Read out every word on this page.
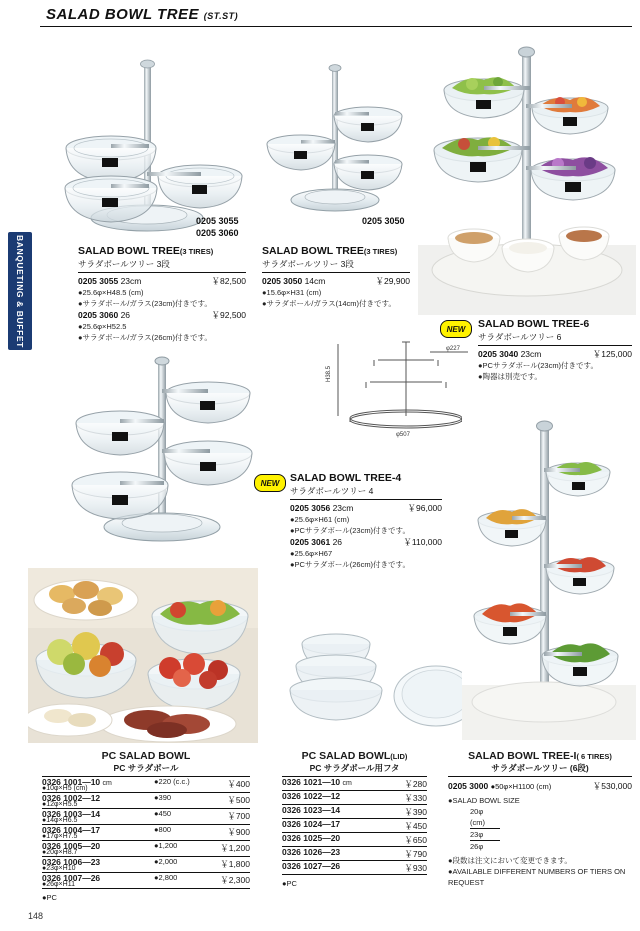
SALAD BOWL TREE (ST.ST)
BANQUETING & BUFFET
0205 3055
0205 3060
0205 3050
SALAD BOWL TREE(3 TIRES)
サラダボールツリー 3段
0205 3055 23cm	￥82,500
●25.6φ×H48.5 (cm)
●サラダボール/ガラス(23cm)付きです。
0205 3060 26	￥92,500
●25.6φ×H52.5
●サラダボール/ガラス(26cm)付きです。
SALAD BOWL TREE(3 TIRES)
サラダボールツリー 3段
0205 3050 14cm	￥29,900
●15.6φ×H31 (cm)
●サラダボール/ガラス(14cm)付きです。
NEW SALAD BOWL TREE-6
サラダボールツリー 6
0205 3040 23cm	￥125,000
●PCサラダボール(23cm)付きです。
●陶器は別売です。
φ227
φ507
H38.5
NEW SALAD BOWL TREE-4
サラダボールツリー 4
0205 3056 23cm	￥96,000
●25.6φ×H61 (cm)
●PCサラダボール(23cm)付きです。
0205 3061 26	￥110,000
●25.6φ×H67
●PCサラダボール(26cm)付きです。
PC SALAD BOWL
PC サラダボール
0326 1001—10 cm
●10φ×H5 (cm)
●220 (c.c.)	￥400
0326 1002—12
●12φ×H5.5
●390	￥500
0326 1003—14
●14φ×H6.5
●450	￥700
0326 1004—17
●17φ×H7.5
●800	￥900
0326 1005—20
●20φ×H8.7
●1,200	￥1,200
0326 1006—23
●23φ×H10
●2,000	￥1,800
0326 1007—26
●26φ×H11
●2,800	￥2,300
●PC
PC SALAD BOWL(LID)
PC サラダボール用フタ
0326 1021—10 cm	￥280
0326 1022—12	￥330
0326 1023—14	￥390
0326 1024—17	￥450
0326 1025—20	￥650
0326 1026—23	￥790
0326 1027—26	￥930
●PC
SALAD BOWL TREE-I( 6 TIRES)
サラダボールツリー (6段)
0205 3000 ●50φ×H1100 (cm)	￥530,000
●SALAD BOWL SIZE
20φ (cm)
23φ
26φ
●段数は注文において変更できます。
●AVAILABLE DIFFERENT NUMBERS OF TIERS ON REQUEST
148
